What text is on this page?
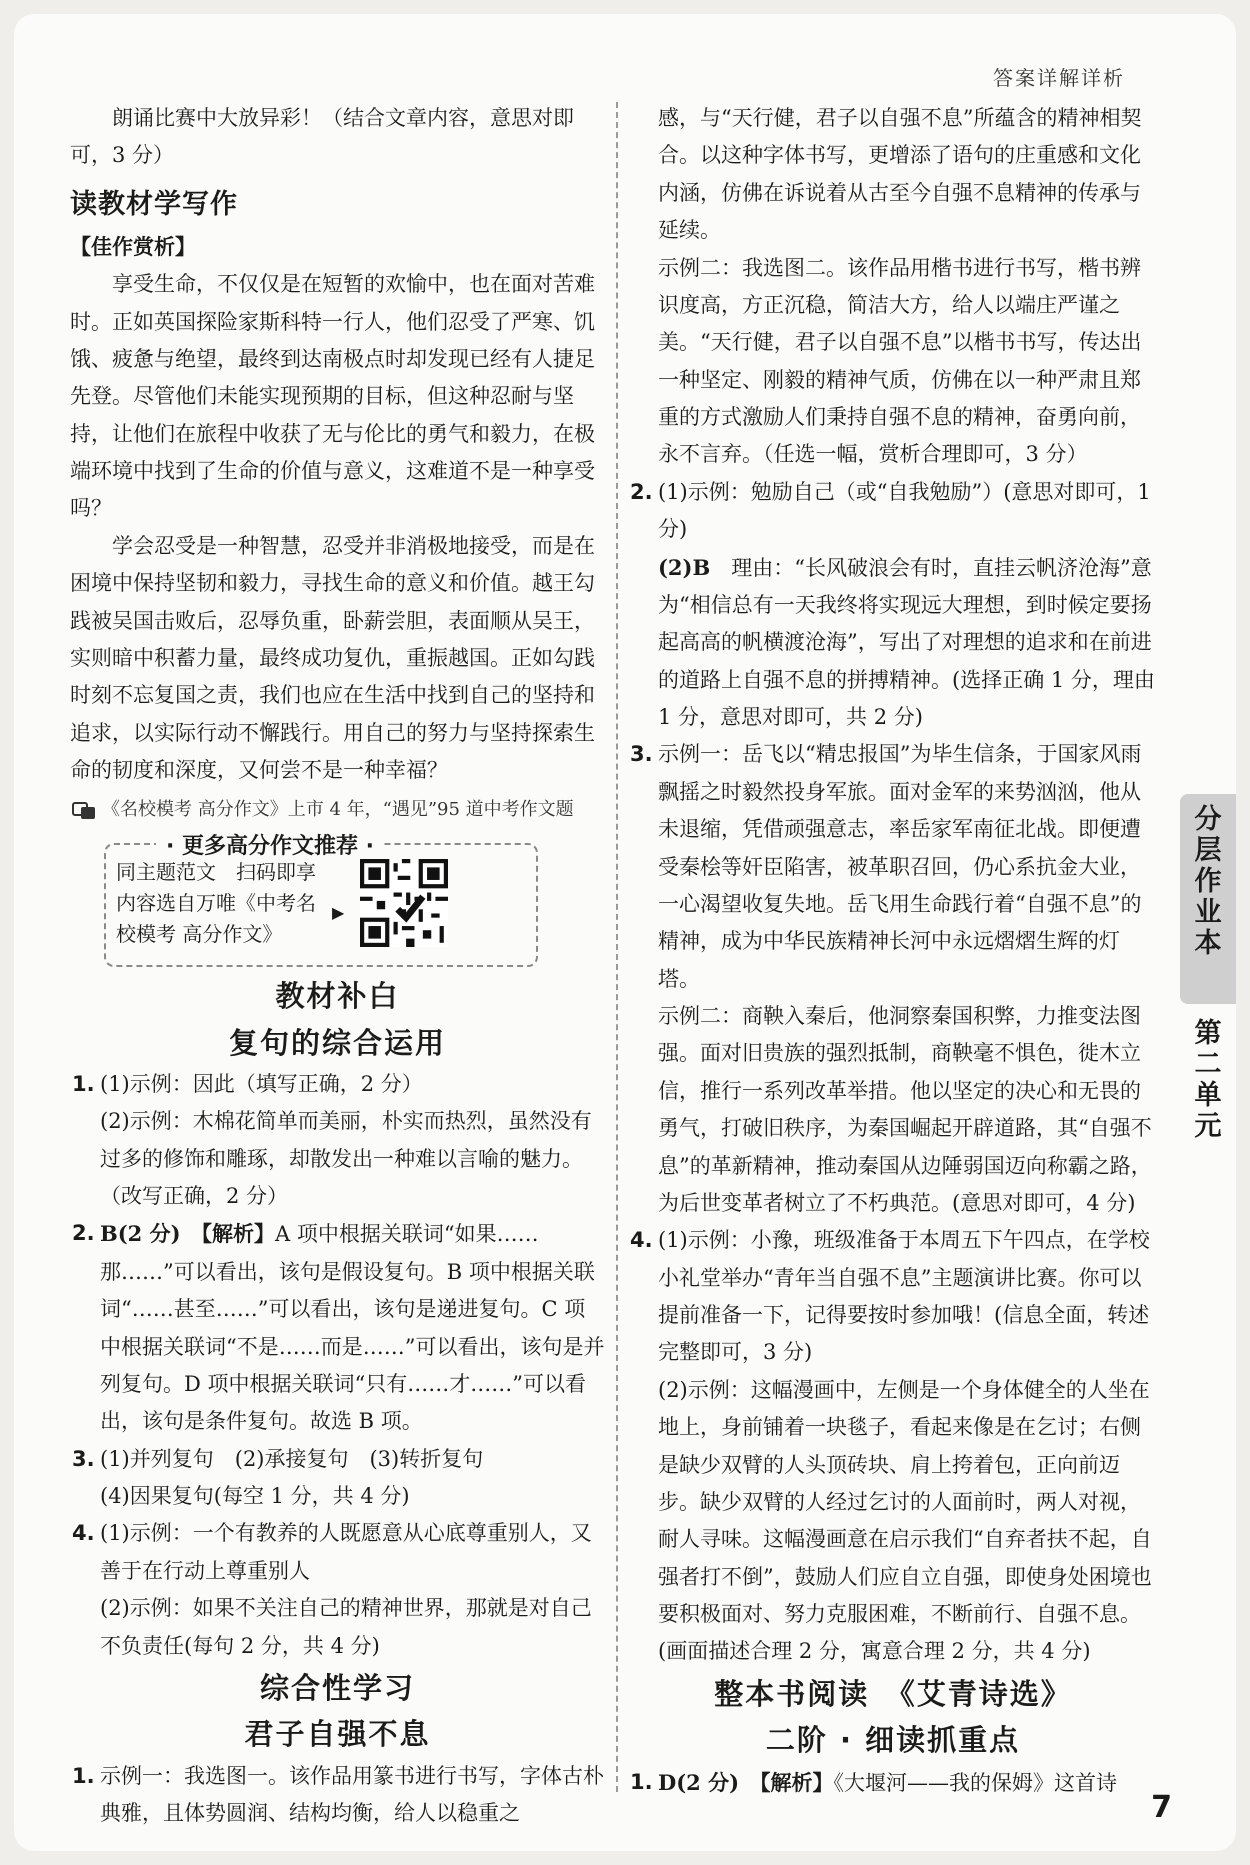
答案详解详析

朗诵比赛中大放异彩！（结合文章内容，意思对即可，3 分）

读教材学写作
【佳作赏析】

享受生命，不仅仅是在短暂的欢愉中，也在面对苦难时。正如英国探险家斯科特一行人，他们忍受了严寒、饥饿、疲惫与绝望，最终到达南极点时却发现已经有人捷足先登。尽管他们未能实现预期的目标，但这种忍耐与坚持，让他们在旅程中收获了无与伦比的勇气和毅力，在极端环境中找到了生命的价值与意义，这难道不是一种享受吗？

学会忍受是一种智慧，忍受并非消极地接受，而是在困境中保持坚韧和毅力，寻找生命的意义和价值。越王勾践被吴国击败后，忍辱负重，卧薪尝胆，表面顺从吴王，实则暗中积蓄力量，最终成功复仇，重振越国。正如勾践时刻不忘复国之责，我们也应在生活中找到自己的坚持和追求，以实际行动不懈践行。用自己的努力与坚持探索生命的韧度和深度，又何尝不是一种幸福？

《名校模考 高分作文》上市 4 年，“遇见”95 道中考作文题
· 更多高分作文推荐 ·
同主题范文　扫码即享
内容选自万唯《中考名
校模考 高分作文》
▶
教材补白
复句的综合运用
1. (1)示例：因此（填写正确，2 分）

(2)示例：木棉花简单而美丽，朴实而热烈，虽然没有过多的修饰和雕琢，却散发出一种难以言喻的魅力。（改写正确，2 分）

2. B(2 分)　 【解析】A 项中根据关联词“如果……那……”可以看出，该句是假设复句。B 项中根据关联词“……甚至……”可以看出，该句是递进复句。C 项中根据关联词“不是……而是……”可以看出，该句是并列复句。D 项中根据关联词“只有……才……”可以看出，该句是条件复句。故选 B 项。

3. (1)并列复句　(2)承接复句　(3)转折复句

(4)因果复句(每空 1 分，共 4 分)

4. (1)示例：一个有教养的人既愿意从心底尊重别人，又善于在行动上尊重别人

(2)示例：如果不关注自己的精神世界，那就是对自己不负责任(每句 2 分，共 4 分)

综合性学习
君子自强不息
1. 示例一：我选图一。该作品用篆书进行书写，字体古朴典雅，且体势圆润、结构均衡，给人以稳重之

感，与“天行健，君子以自强不息”所蕴含的精神相契合。以这种字体书写，更增添了语句的庄重感和文化内涵，仿佛在诉说着从古至今自强不息精神的传承与延续。

示例二：我选图二。该作品用楷书进行书写，楷书辨识度高，方正沉稳，简洁大方，给人以端庄严谨之美。“天行健，君子以自强不息”以楷书书写，传达出一种坚定、刚毅的精神气质，仿佛在以一种严肃且郑重的方式激励人们秉持自强不息的精神，奋勇向前，永不言弃。（任选一幅，赏析合理即可，3 分）

2. (1)示例：勉励自己（或“自我勉励”）(意思对即可，1 分)

(2)B　 理由：“长风破浪会有时，直挂云帆济沧海”意为“相信总有一天我终将实现远大理想，到时候定要扬起高高的帆横渡沧海”，写出了对理想的追求和在前进的道路上自强不息的拼搏精神。(选择正确 1 分，理由 1 分，意思对即可，共 2 分)

3. 示例一：岳飞以“精忠报国”为毕生信条，于国家风雨飘摇之时毅然投身军旅。面对金军的来势汹汹，他从未退缩，凭借顽强意志，率岳家军南征北战。即便遭受秦桧等奸臣陷害，被革职召回，仍心系抗金大业，一心渴望收复失地。岳飞用生命践行着“自强不息”的精神，成为中华民族精神长河中永远熠熠生辉的灯塔。

示例二：商鞅入秦后，他洞察秦国积弊，力推变法图强。面对旧贵族的强烈抵制，商鞅毫不惧色，徙木立信，推行一系列改革举措。他以坚定的决心和无畏的勇气，打破旧秩序，为秦国崛起开辟道路，其“自强不息”的革新精神，推动秦国从边陲弱国迈向称霸之路，为后世变革者树立了不朽典范。(意思对即可，4 分)

4. (1)示例：小豫，班级准备于本周五下午四点，在学校小礼堂举办“青年当自强不息”主题演讲比赛。你可以提前准备一下，记得要按时参加哦！(信息全面，转述完整即可，3 分)

(2)示例：这幅漫画中，左侧是一个身体健全的人坐在地上，身前铺着一块毯子，看起来像是在乞讨；右侧是缺少双臂的人头顶砖块、肩上挎着包，正向前迈步。缺少双臂的人经过乞讨的人面前时，两人对视，耐人寻味。这幅漫画意在启示我们“自弃者扶不起，自强者打不倒”，鼓励人们应自立自强，即使身处困境也要积极面对、努力克服困难，不断前行、自强不息。(画面描述合理 2 分，寓意合理 2 分，共 4 分)

整本书阅读　《艾青诗选》
二阶 · 细读抓重点
1. D(2 分)　 【解析】《大堰河——我的保姆》这首诗

分层作业本
第二单元
7
